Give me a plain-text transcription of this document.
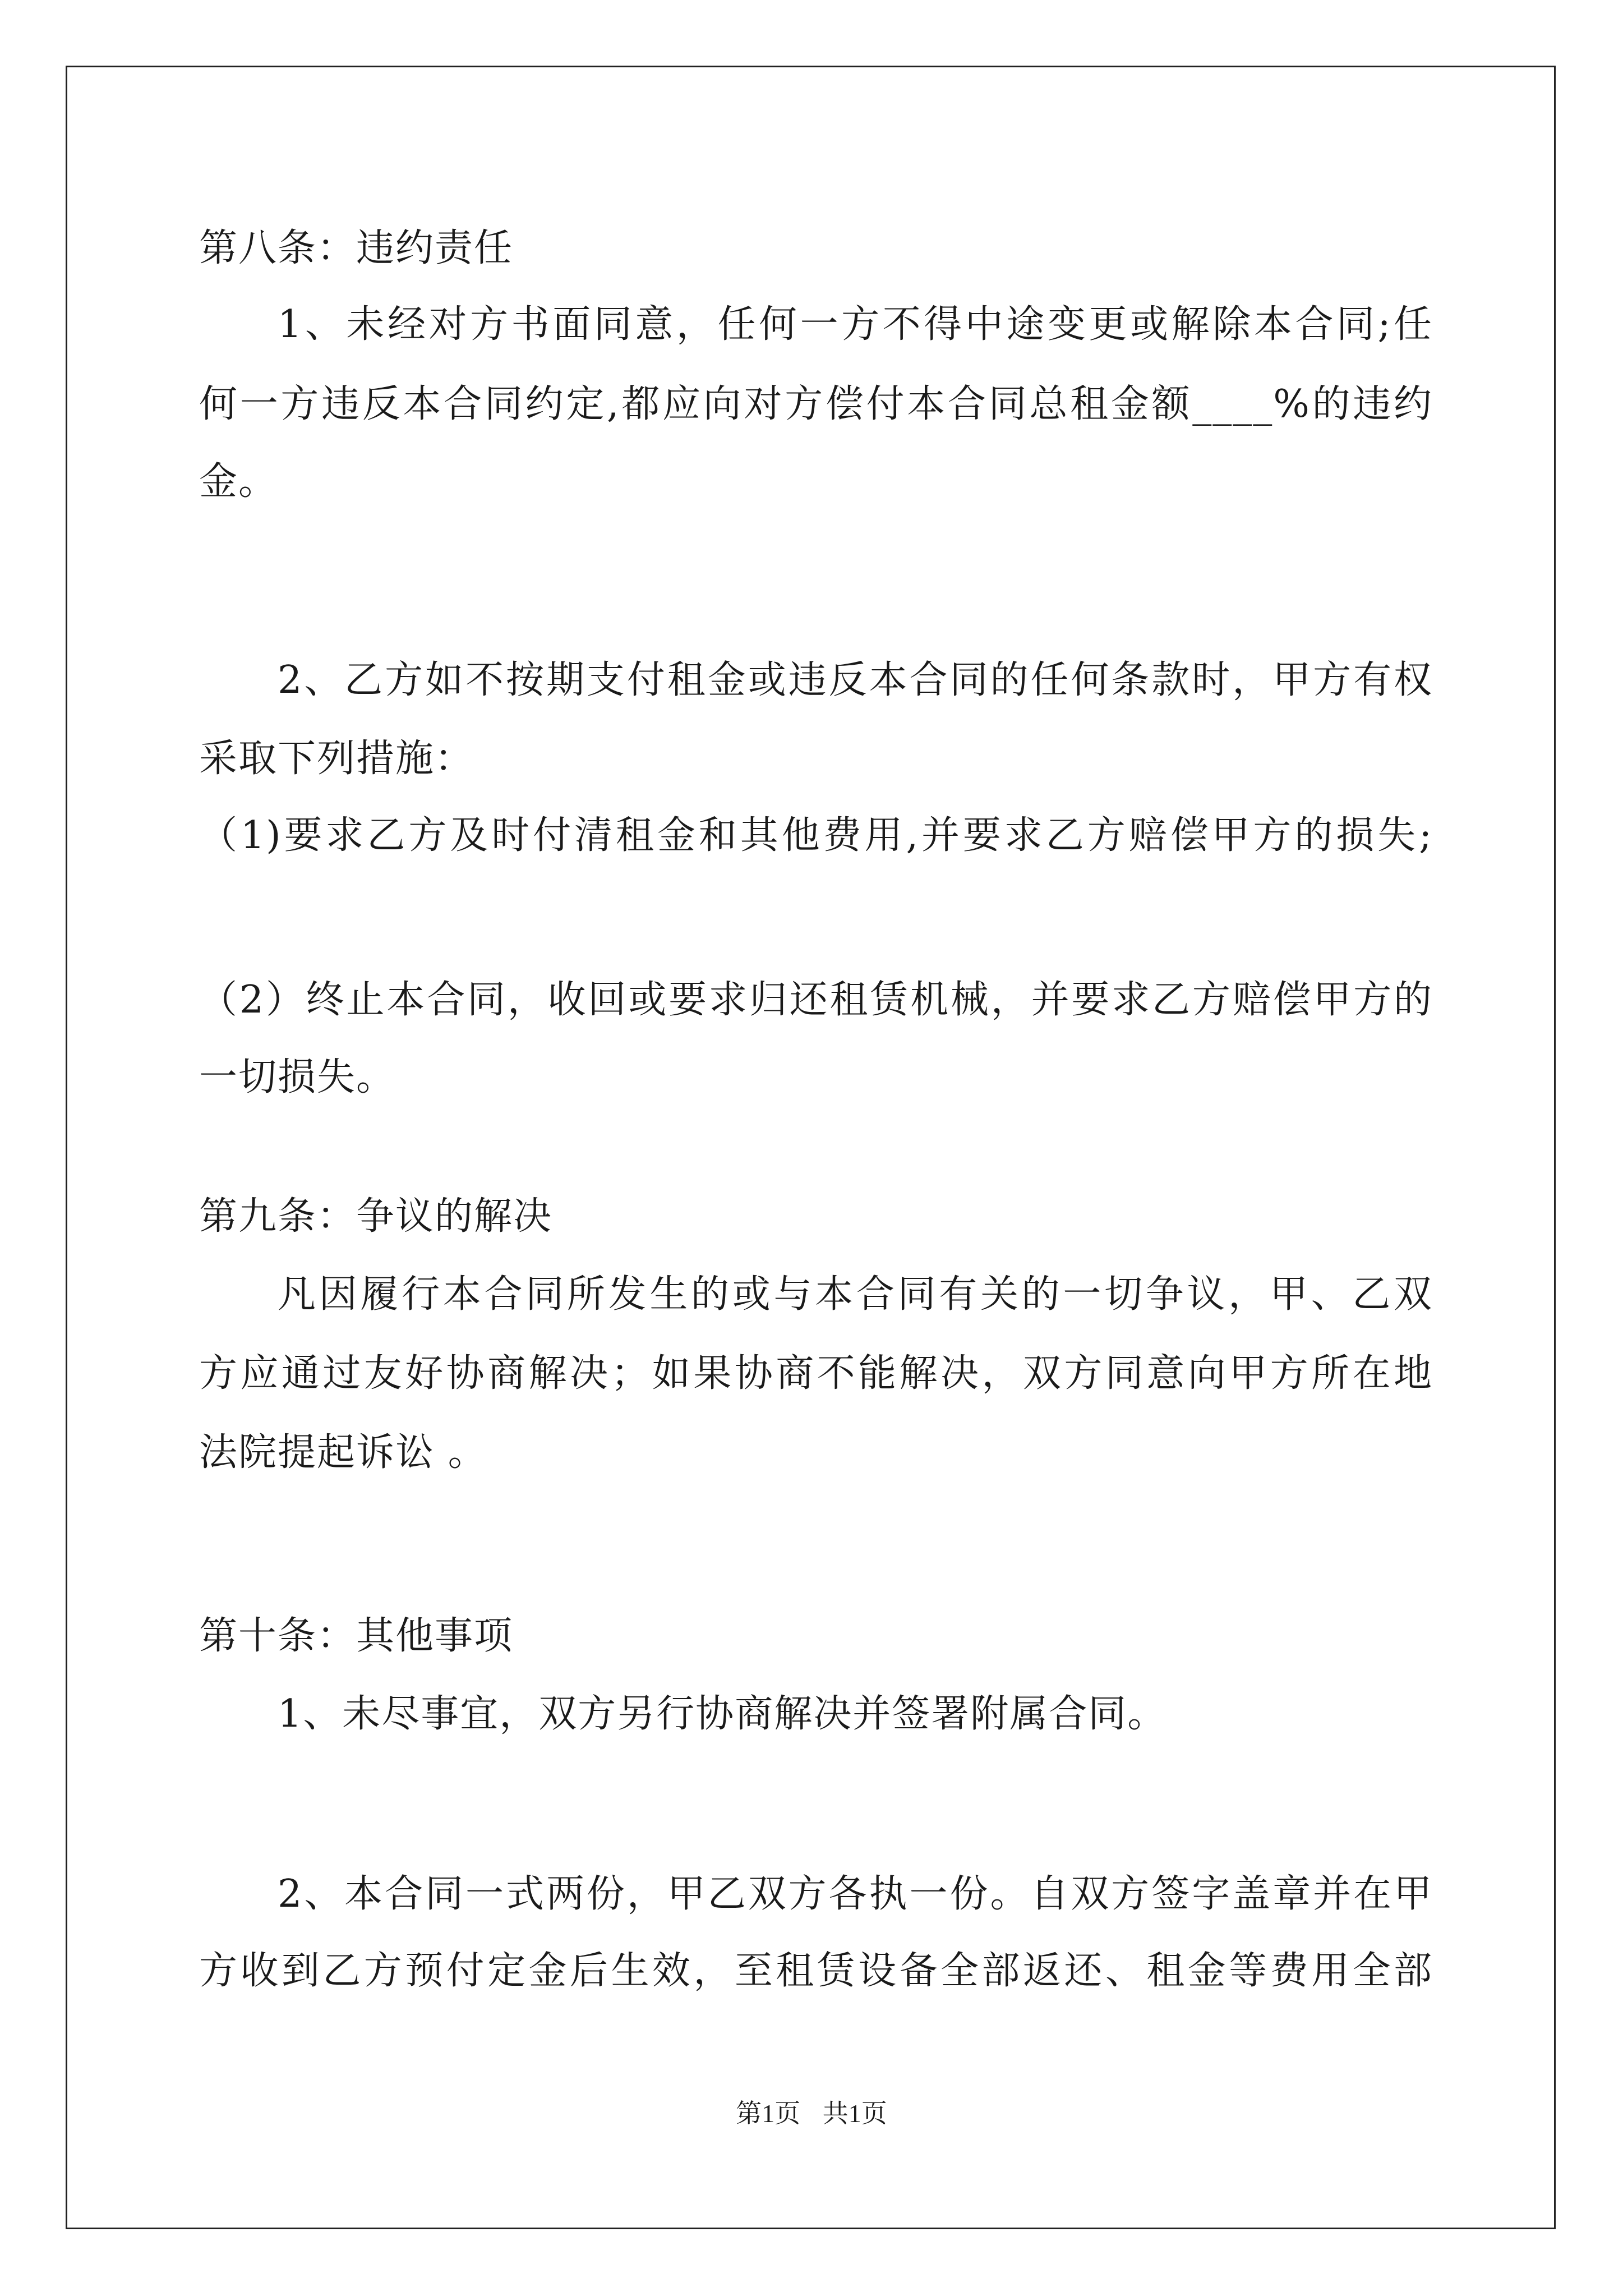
第八条：违约责任
1、未经对方书面同意，任何一方不得中途变更或解除本合同;任
何一方违反本合同约定,都应向对方偿付本合同总租金额____%的违约
金。
2、乙方如不按期支付租金或违反本合同的任何条款时，甲方有权
采取下列措施：
（1)要求乙方及时付清租金和其他费用,并要求乙方赔偿甲方的损失;
（2）终止本合同，收回或要求归还租赁机械，并要求乙方赔偿甲方的
一切损失。
第九条：争议的解决
凡因履行本合同所发生的或与本合同有关的一切争议，甲、乙双
方应通过友好协商解决；如果协商不能解决，双方同意向甲方所在地
法院提起诉讼 。
第十条：其他事项
1、未尽事宜，双方另行协商解决并签署附属合同。
2、本合同一式两份，甲乙双方各执一份。自双方签字盖章并在甲
方收到乙方预付定金后生效，至租赁设备全部返还、租金等费用全部
第1页 共1页
